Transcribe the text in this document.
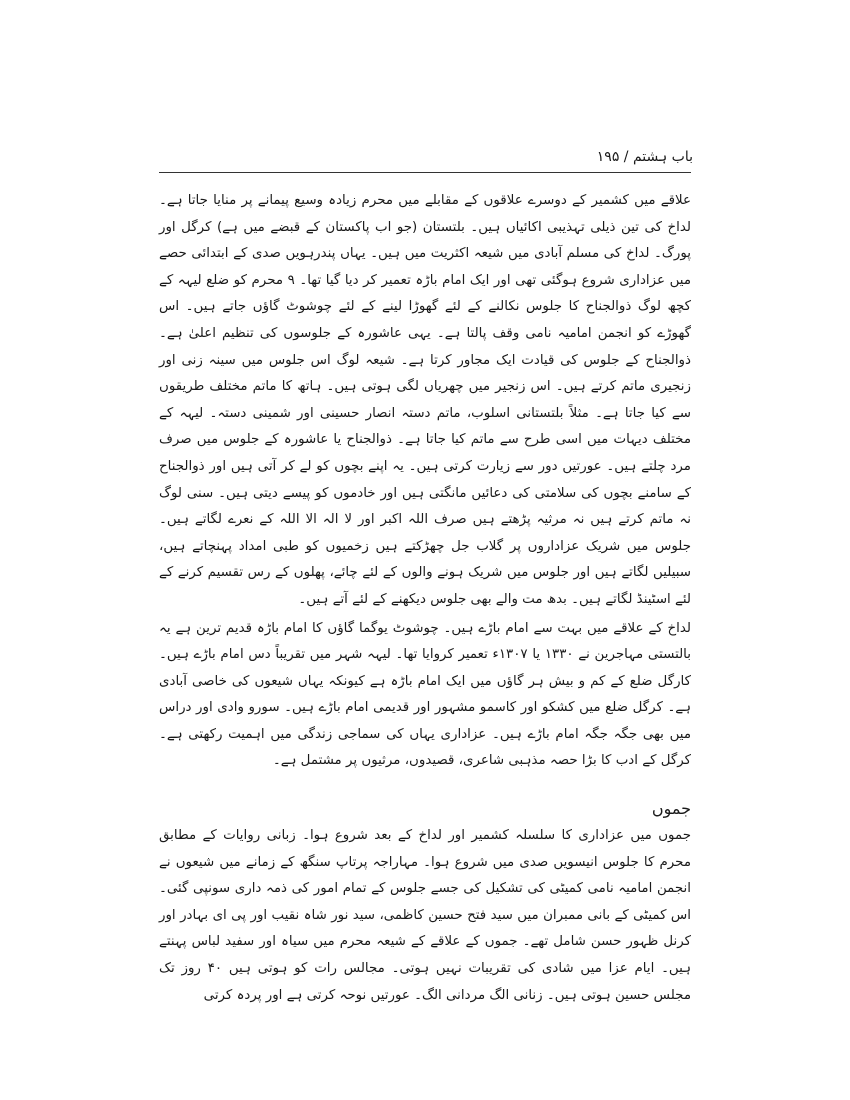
باب ہشتم / ۱۹۵

علاقے میں کشمیر کے دوسرے علاقوں کے مقابلے میں محرم زیادہ وسیع پیمانے پر منایا جاتا ہے۔ لداخ کی تین ذیلی تہذیبی اکائیاں ہیں۔ بلتستان (جو اب پاکستان کے قبضے میں ہے) کرگل اور پورگ۔ لداخ کی مسلم آبادی میں شیعہ اکثریت میں ہیں۔ یہاں پندرہویں صدی کے ابتدائی حصے میں عزاداری شروع ہوگئی تھی اور ایک امام باڑہ تعمیر کر دیا گیا تھا۔ ۹ محرم کو ضلع لیہہ کے کچھ لوگ ذوالجناح کا جلوس نکالنے کے لئے گھوڑا لینے کے لئے چوشوٹ گاؤں جاتے ہیں۔ اس گھوڑے کو انجمن امامیہ نامی وقف پالتا ہے۔ یہی عاشورہ کے جلوسوں کی تنظیم اعلیٰ ہے۔ ذوالجناح کے جلوس کی قیادت ایک مجاور کرتا ہے۔ شیعہ لوگ اس جلوس میں سینہ زنی اور زنجیری ماتم کرتے ہیں۔ اس زنجیر میں چھریاں لگی ہوتی ہیں۔ ہاتھ کا ماتم مختلف طریقوں سے کیا جاتا ہے۔ مثلاً بلتستانی اسلوب، ماتم دستہ انصار حسینی اور شمینی دستہ۔ لیہہ کے مختلف دیہات میں اسی طرح سے ماتم کیا جاتا ہے۔ ذوالجناح یا عاشورہ کے جلوس میں صرف مرد چلتے ہیں۔ عورتیں دور سے زیارت کرتی ہیں۔ یہ اپنے بچوں کو لے کر آتی ہیں اور ذوالجناح کے سامنے بچوں کی سلامتی کی دعائیں مانگتی ہیں اور خادموں کو پیسے دیتی ہیں۔ سنی لوگ نہ ماتم کرتے ہیں نہ مرثیہ پڑھتے ہیں صرف اللہ اکبر اور لا الہ الا اللہ کے نعرے لگاتے ہیں۔ جلوس میں شریک عزاداروں پر گلاب جل چھڑکتے ہیں زخمیوں کو طبی امداد پہنچاتے ہیں، سبیلیں لگاتے ہیں اور جلوس میں شریک ہونے والوں کے لئے چائے، پھلوں کے رس تقسیم کرنے کے لئے اسٹینڈ لگاتے ہیں۔ بدھ مت والے بھی جلوس دیکھنے کے لئے آتے ہیں۔

لداخ کے علاقے میں بہت سے امام باڑے ہیں۔ چوشوٹ یوگما گاؤں کا امام باڑہ قدیم ترین ہے یہ بالتستی مہاجرین نے ۱۳۳۰ یا ۱۳۰۷ء تعمیر کروایا تھا۔ لیہہ شہر میں تقریباً دس امام باڑے ہیں۔ کارگل ضلع کے کم و بیش ہر گاؤں میں ایک امام باڑہ ہے کیونکہ یہاں شیعوں کی خاصی آبادی ہے۔ کرگل ضلع میں کشکو اور کاسمو مشہور اور قدیمی امام باڑے ہیں۔ سورو وادی اور دراس میں بھی جگہ جگہ امام باڑے ہیں۔ عزاداری یہاں کی سماجی زندگی میں اہمیت رکھتی ہے۔ کرگل کے ادب کا بڑا حصہ مذہبی شاعری، قصیدوں، مرثیوں پر مشتمل ہے۔

جموں

جموں میں عزاداری کا سلسلہ کشمیر اور لداخ کے بعد شروع ہوا۔ زبانی روایات کے مطابق محرم کا جلوس انیسویں صدی میں شروع ہوا۔ مہاراجہ پرتاپ سنگھ کے زمانے میں شیعوں نے انجمن امامیہ نامی کمیٹی کی تشکیل کی جسے جلوس کے تمام امور کی ذمہ داری سونپی گئی۔ اس کمیٹی کے بانی ممبران میں سید فتح حسین کاظمی، سید نور شاہ نقیب اور پی ای بہادر اور کرنل ظہور حسن شامل تھے۔ جموں کے علاقے کے شیعہ محرم میں سیاہ اور سفید لباس پہنتے ہیں۔ ایام عزا میں شادی کی تقریبات نہیں ہوتی۔ مجالس رات کو ہوتی ہیں ۴۰ روز تک مجلس حسین ہوتی ہیں۔ زنانی الگ مردانی الگ۔ عورتیں نوحہ کرتی ہے اور پردہ کرتی
